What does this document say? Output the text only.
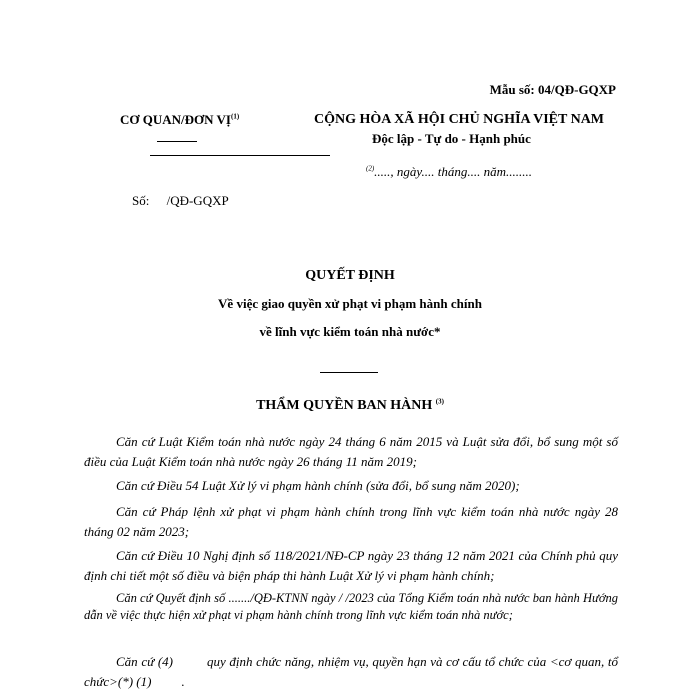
Mẫu số: 04/QĐ-GQXP
CƠ QUAN/ĐƠN VỊ$^{(1)}$	CỘNG HÒA XÃ HỘI CHỦ NGHĨA VIỆT NAM
Độc lập - Tự do - Hạnh phúc
$^{(2)}$....., ngày.... tháng.... năm........
Số: /QĐ-GQXP
QUYẾT ĐỊNH
Về việc giao quyền xử phạt vi phạm hành chính
về lĩnh vực kiểm toán nhà nước*
THẨM QUYỀN BAN HÀNH $^{(3)}$
Căn cứ Luật Kiểm toán nhà nước ngày 24 tháng 6 năm 2015 và Luật sửa đổi, bổ sung một số điều của Luật Kiểm toán nhà nước ngày 26 tháng 11 năm 2019;
Căn cứ Điều 54 Luật Xử lý vi phạm hành chính (sửa đổi, bổ sung năm 2020);
Căn cứ Pháp lệnh xử phạt vi phạm hành chính trong lĩnh vực kiểm toán nhà nước ngày 28 tháng 02 năm 2023;
Căn cứ Điều 10 Nghị định số 118/2021/NĐ-CP ngày 23 tháng 12 năm 2021 của Chính phủ quy định chi tiết một số điều và biện pháp thi hành Luật Xử lý vi phạm hành chính;
Căn cứ Quyết định số ......./QĐ-KTNN ngày / /2023 của Tổng Kiểm toán nhà nước ban hành Hướng dẫn về việc thực hiện xử phạt vi phạm hành chính trong lĩnh vực kiểm toán nhà nước;
Căn cứ (4)	quy định chức năng, nhiệm vụ, quyền hạn và cơ cấu tổ chức của <cơ quan, tổ chức>(*) (1) .
